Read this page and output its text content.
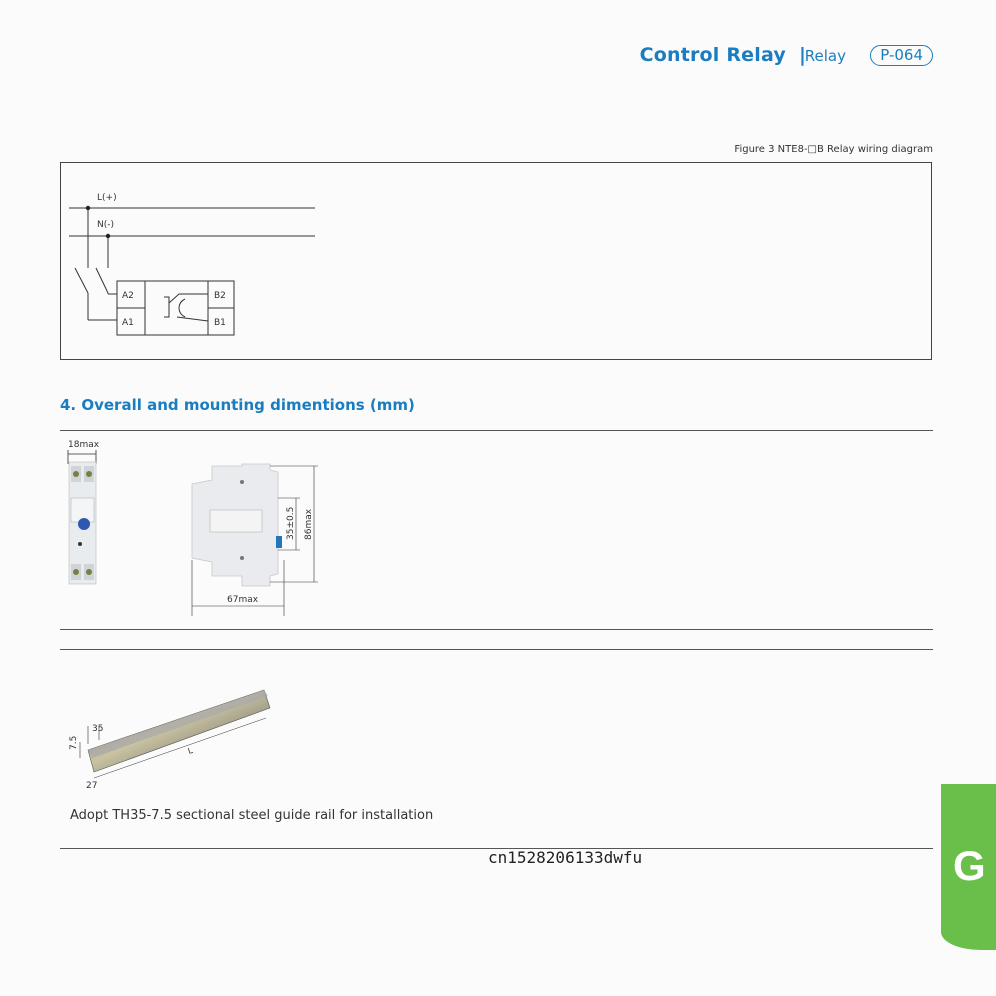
Control Relay |
Relay	P-064
Figure 3 NTE8-□B Relay wiring diagram
L(+)
N(-)
A2
A1
B2
B1
4. Overall and mounting dimentions (mm)
18max
86max
35±0.5
67max
35
7.5
27
L
Adopt TH35-7.5 sectional steel guide rail for installation
cn1528206133dwfu	G
